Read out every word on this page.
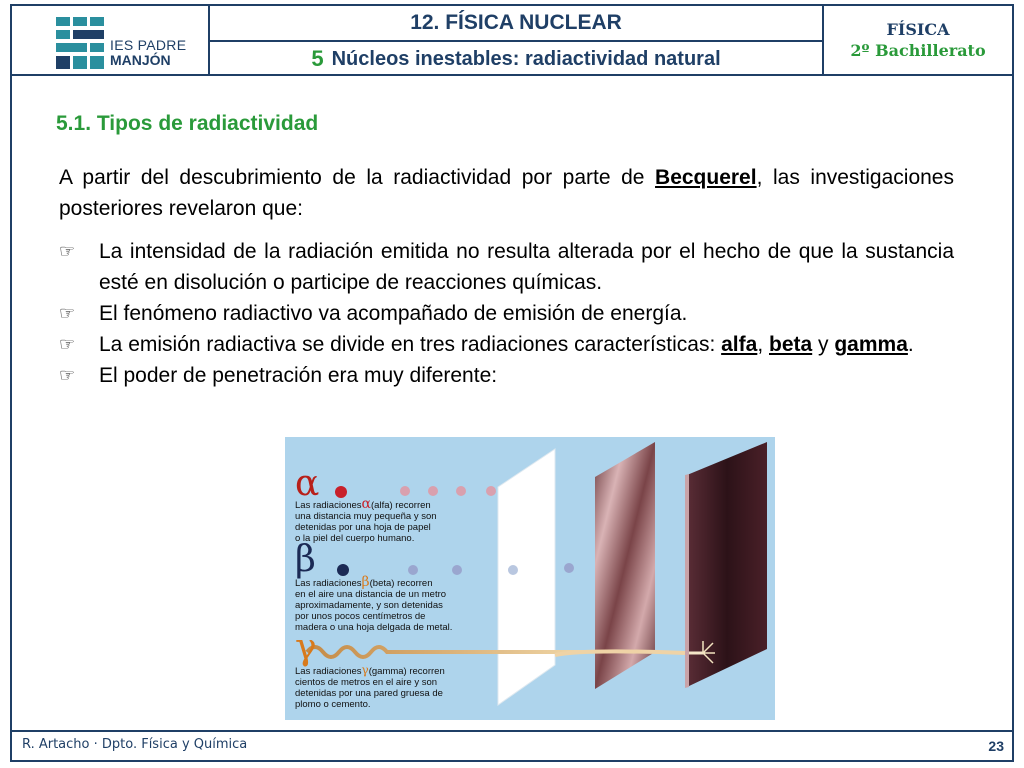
IES PADRE
MANJÓN
12. FÍSICA NUCLEAR
5 Núcleos inestables: radiactividad natural
FÍSICA
2º Bachillerato
5.1. Tipos de radiactividad

A partir del descubrimiento de la radiactividad por parte de Becquerel, las investigaciones posteriores revelaron que:

☞ La intensidad de la radiación emitida no resulta alterada por el hecho de que la sustancia esté en disolución o participe de reacciones químicas.
☞ El fenómeno radiactivo va acompañado de emisión de energía.
☞ La emisión radiactiva se divide en tres radiaciones características: alfa, beta y gamma.
☞ El poder de penetración era muy diferente:
α
β
γ
Las radiacionesα(alfa) recorren
una distancia muy pequeña y son
detenidas por una hoja de papel
o la piel del cuerpo humano.
Las radiacionesβ(beta) recorren
en el aire una distancia de un metro
aproximadamente, y son detenidas
por unos pocos centímetros de
madera o una hoja delgada de metal.
Las radiacionesγ(gamma) recorren
cientos de metros en el aire y son
detenidas por una pared gruesa de
plomo o cemento.
R. Artacho · Dpto. Física y Química	23
